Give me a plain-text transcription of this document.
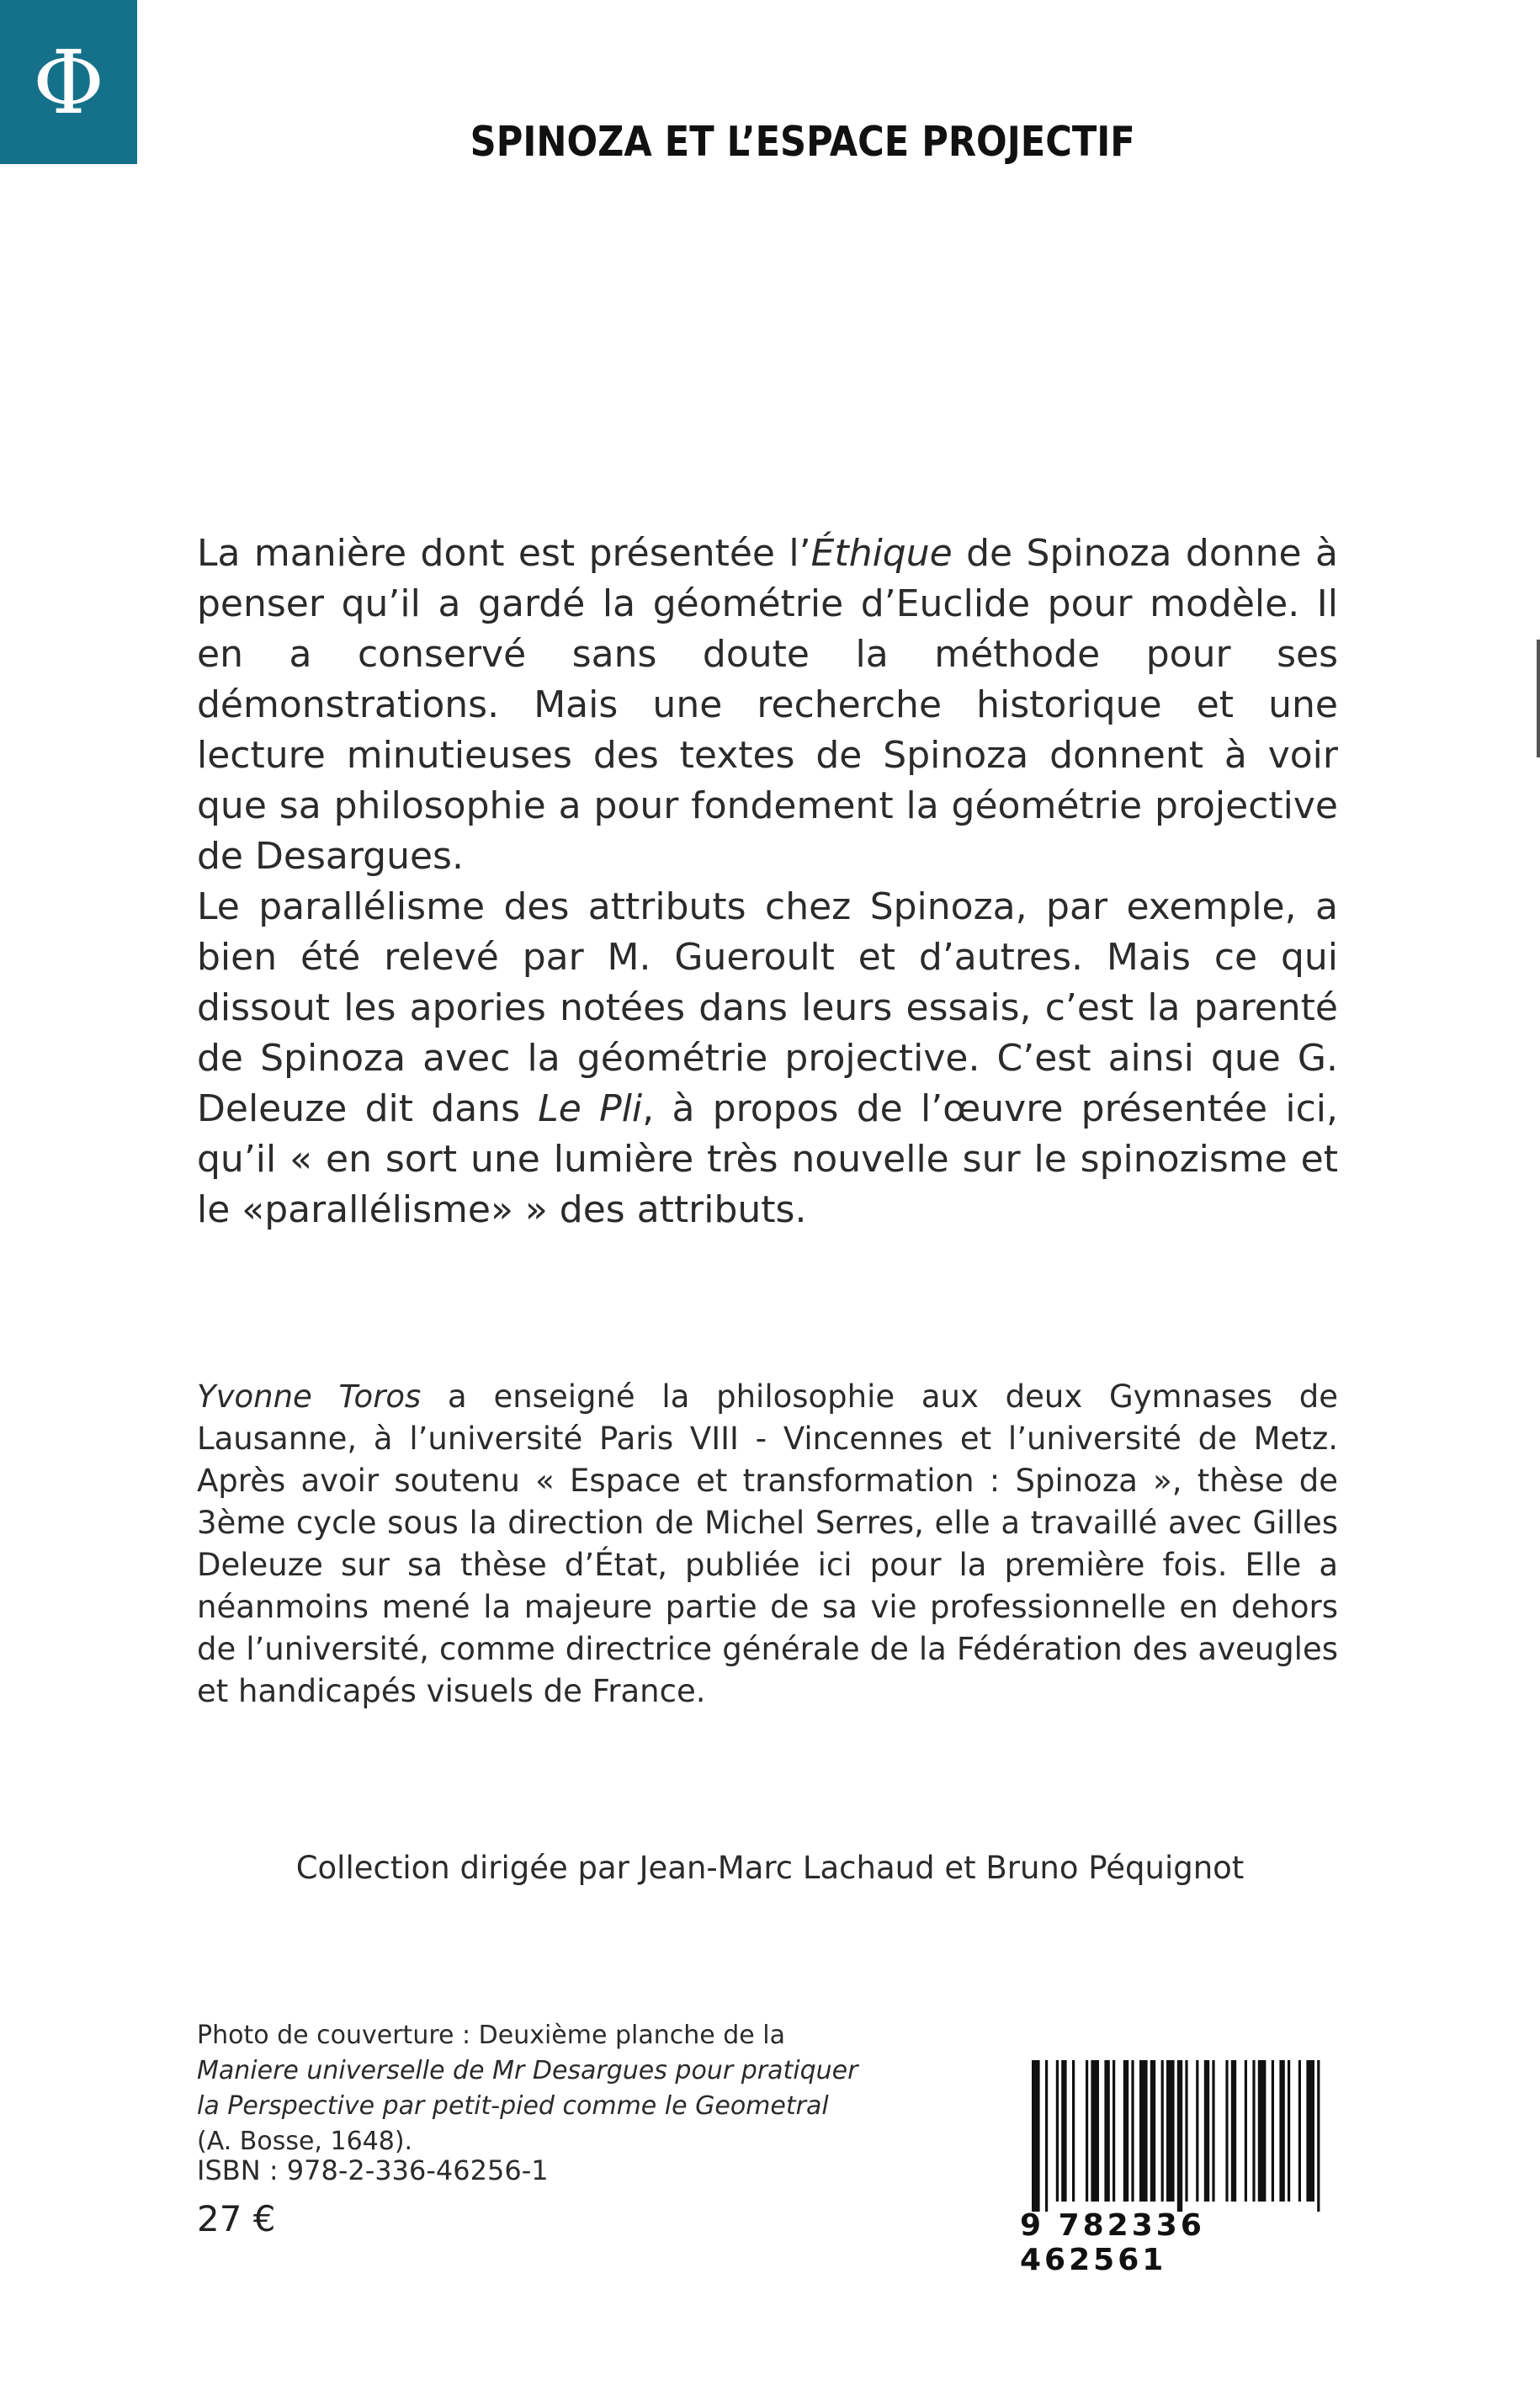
Φ
SPINOZA ET L’ESPACE PROJECTIF
La manière dont est présentée l’Éthique de Spinoza donne à penser qu’il a gardé la géométrie d’Euclide pour modèle. Il en a conservé sans doute la méthode pour ses démonstrations. Mais une recherche historique et une lecture minutieuses des textes de Spinoza donnent à voir que sa philosophie a pour fondement la géométrie projective de Desargues.
Le parallélisme des attributs chez Spinoza, par exemple, a bien été relevé par M. Gueroult et d’autres. Mais ce qui dissout les apories notées dans leurs essais, c’est la parenté de Spinoza avec la géométrie projective. C’est ainsi que G. Deleuze dit dans Le Pli, à propos de l’œuvre présentée ici, qu’il « en sort une lumière très nouvelle sur le spinozisme et le «parallélisme» » des attributs.
Yvonne Toros a enseigné la philosophie aux deux Gymnases de Lausanne, à l’université Paris VIII - Vincennes et l’université de Metz. Après avoir soutenu « Espace et transformation : Spinoza », thèse de 3ème cycle sous la direction de Michel Serres, elle a travaillé avec Gilles Deleuze sur sa thèse d’État, publiée ici pour la première fois. Elle a néanmoins mené la majeure partie de sa vie professionnelle en dehors de l’université, comme directrice générale de la Fédération des aveugles et handicapés visuels de France.
Collection dirigée par Jean-Marc Lachaud et Bruno Péquignot
Photo de couverture : Deuxième planche de la Maniere universelle de Mr Desargues pour pratiquer la Perspective par petit-pied comme le Geometral (A. Bosse, 1648).
ISBN : 978-2-336-46256-1
27 €	9 782336 462561
